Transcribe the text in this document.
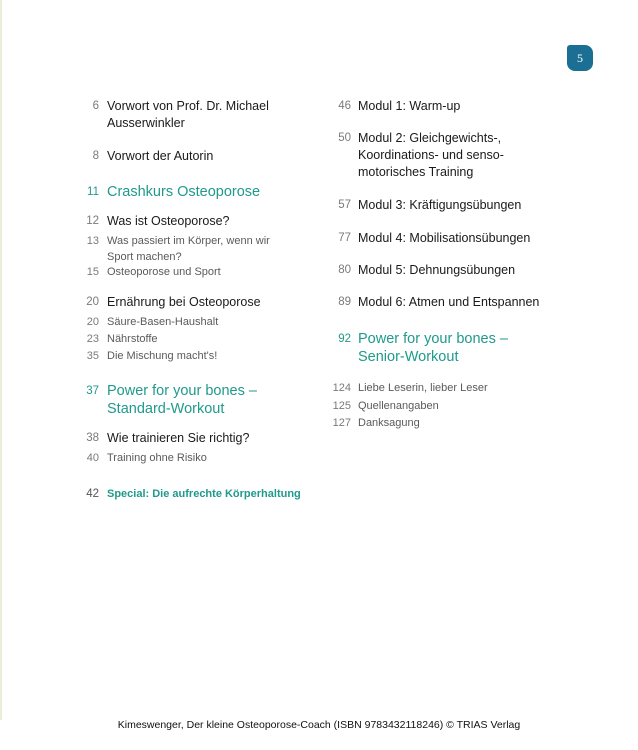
5
6 Vorwort von Prof. Dr. Michael
Ausserwinkler
8 Vorwort der Autorin
11 Crashkurs Osteoporose
12 Was ist Osteoporose?
13 Was passiert im Körper, wenn wir
Sport machen?
15 Osteoporose und Sport
20 Ernährung bei Osteoporose
20 Säure-Basen-Haushalt
23 Nährstoffe
35 Die Mischung macht's!
37 Power for your bones –
Standard-Workout
38 Wie trainieren Sie richtig?
40 Training ohne Risiko
42 Special: Die aufrechte Körperhaltung
46 Modul 1: Warm-up
50 Modul 2: Gleichgewichts-,
Koordinations- und senso-
motorisches Training
57 Modul 3: Kräftigungsübungen
77 Modul 4: Mobilisationsübungen
80 Modul 5: Dehnungsübungen
89 Modul 6: Atmen und Entspannen
92 Power for your bones –
Senior-Workout
124 Liebe Leserin, lieber Leser
125 Quellenangaben
127 Danksagung
Kimeswenger, Der kleine Osteoporose-Coach (ISBN 9783432118246) © TRIAS Verlag
